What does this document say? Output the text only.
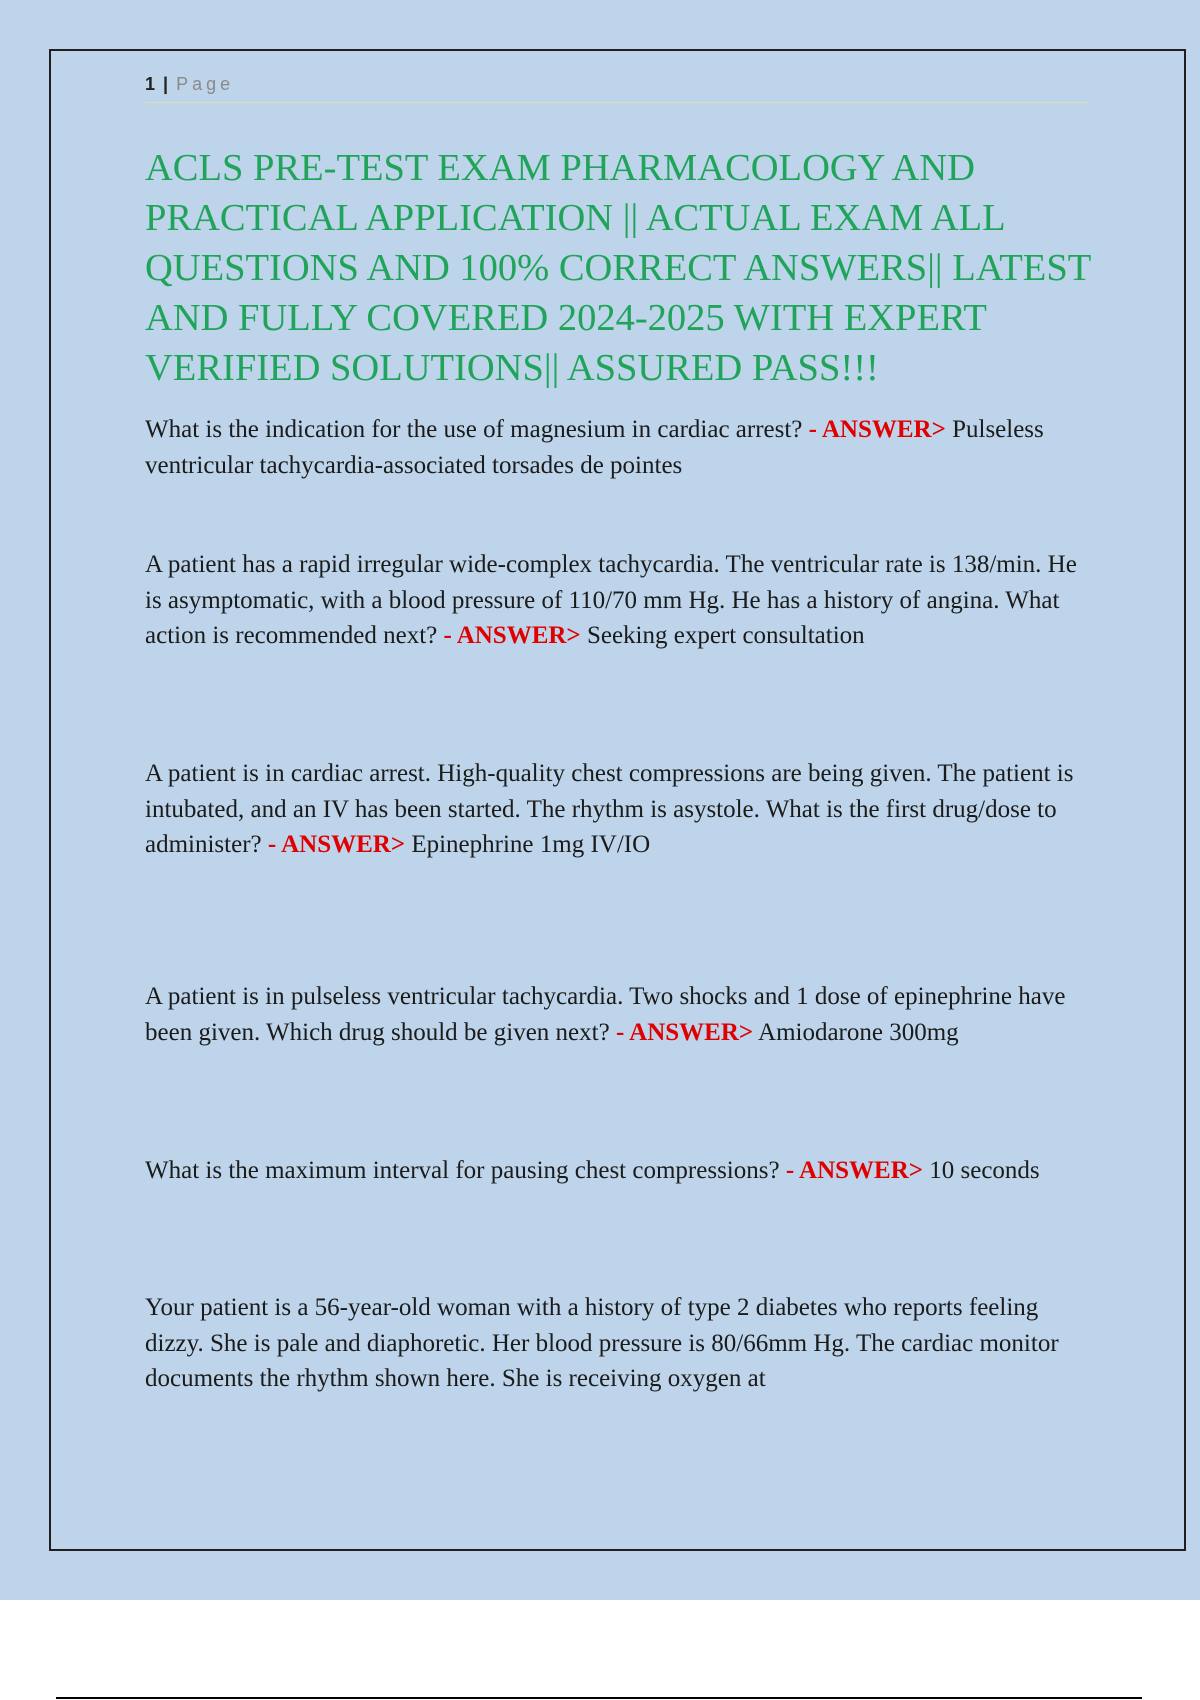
1 | Page
ACLS PRE-TEST EXAM PHARMACOLOGY AND PRACTICAL APPLICATION || ACTUAL EXAM ALL QUESTIONS AND 100% CORRECT ANSWERS|| LATEST AND FULLY COVERED 2024-2025 WITH EXPERT VERIFIED SOLUTIONS|| ASSURED PASS!!!

What is the indication for the use of magnesium in cardiac arrest? - ANSWER> Pulseless ventricular tachycardia-associated torsades de pointes

A patient has a rapid irregular wide-complex tachycardia. The ventricular rate is 138/min. He is asymptomatic, with a blood pressure of 110/70 mm Hg. He has a history of angina. What action is recommended next? - ANSWER> Seeking expert consultation

A patient is in cardiac arrest. High-quality chest compressions are being given. The patient is intubated, and an IV has been started. The rhythm is asystole. What is the first drug/dose to administer? - ANSWER> Epinephrine 1mg IV/IO

A patient is in pulseless ventricular tachycardia. Two shocks and 1 dose of epinephrine have been given. Which drug should be given next? - ANSWER> Amiodarone 300mg

What is the maximum interval for pausing chest compressions? - ANSWER> 10 seconds

Your patient is a 56-year-old woman with a history of type 2 diabetes who reports feeling dizzy. She is pale and diaphoretic. Her blood pressure is 80/66mm Hg. The cardiac monitor documents the rhythm shown here. She is receiving oxygen at
